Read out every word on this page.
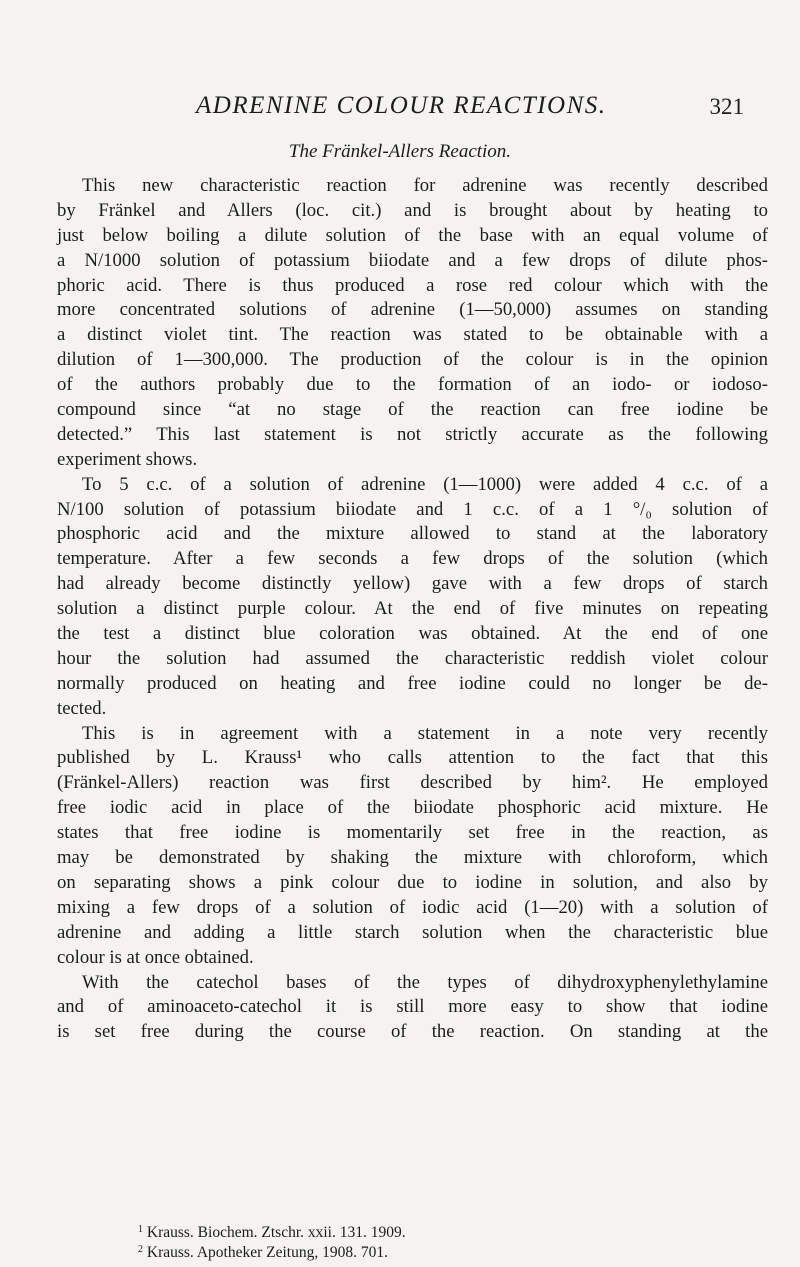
ADRENINE COLOUR REACTIONS.	321
The Fränkel-Allers Reaction.
This new characteristic reaction for adrenine was recently described
by Fränkel and Allers (loc. cit.) and is brought about by heating to
just below boiling a dilute solution of the base with an equal volume of
a N/1000 solution of potassium biiodate and a few drops of dilute phos-
phoric acid. There is thus produced a rose red colour which with the
more concentrated solutions of adrenine (1—50,000) assumes on standing
a distinct violet tint. The reaction was stated to be obtainable with a
dilution of 1—300,000. The production of the colour is in the opinion
of the authors probably due to the formation of an iodo- or iodoso-
compound since “at no stage of the reaction can free iodine be
detected.” This last statement is not strictly accurate as the following
experiment shows.
To 5 c.c. of a solution of adrenine (1—1000) were added 4 c.c. of a
N/100 solution of potassium biiodate and 1 c.c. of a 1 °/₀ solution of
phosphoric acid and the mixture allowed to stand at the laboratory
temperature. After a few seconds a few drops of the solution (which
had already become distinctly yellow) gave with a few drops of starch
solution a distinct purple colour. At the end of five minutes on repeating
the test a distinct blue coloration was obtained. At the end of one
hour the solution had assumed the characteristic reddish violet colour
normally produced on heating and free iodine could no longer be de-
tected.
This is in agreement with a statement in a note very recently
published by L. Krauss¹ who calls attention to the fact that this
(Fränkel-Allers) reaction was first described by him². He employed
free iodic acid in place of the biiodate phosphoric acid mixture. He
states that free iodine is momentarily set free in the reaction, as
may be demonstrated by shaking the mixture with chloroform, which
on separating shows a pink colour due to iodine in solution, and also by
mixing a few drops of a solution of iodic acid (1—20) with a solution of
adrenine and adding a little starch solution when the characteristic blue
colour is at once obtained.
With the catechol bases of the types of dihydroxyphenylethylamine
and of aminoaceto-catechol it is still more easy to show that iodine
is set free during the course of the reaction. On standing at the
$^1$ Krauss. Biochem. Ztschr. xxii. 131. 1909.
$^2$ Krauss. Apotheker Zeitung, 1908. 701.
